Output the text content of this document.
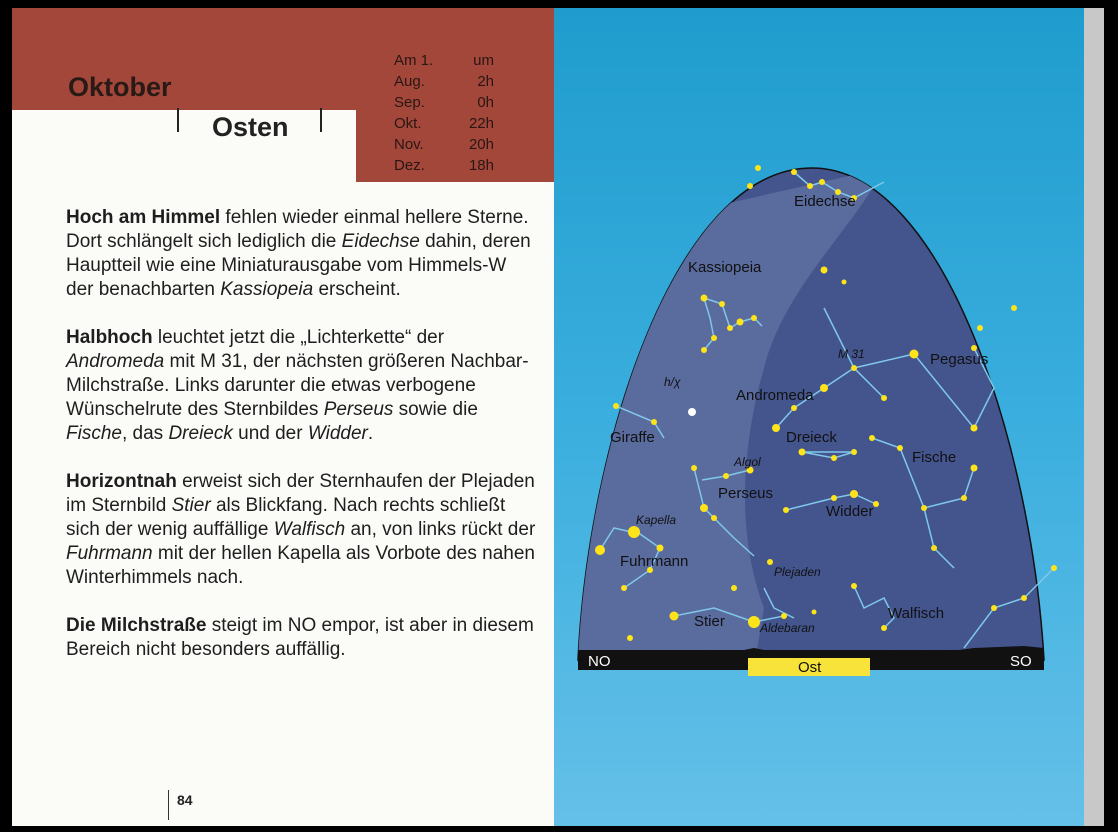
Oktober
Osten
Am 1.	um
Aug.	2h
Sep.	0h
Okt.	22h
Nov.	20h
Dez.	18h

Hoch am Himmel fehlen wieder einmal hellere Sterne. Dort schlängelt sich lediglich die Eidechse dahin, deren Hauptteil wie eine Miniaturausgabe vom Himmels-W der benachbarten Kassiopeia erscheint.

Halbhoch leuchtet jetzt die „Lichterkette“ der Andromeda mit M 31, der nächsten größeren Nachbar-Milchstraße. Links darunter die etwas verbogene Wünschelrute des Sternbildes Perseus sowie die Fische, das Dreieck und der Widder.

Horizontnah erweist sich der Sternhaufen der Plejaden im Sternbild Stier als Blickfang. Nach rechts schließt sich der wenig auffällige Walfisch an, von links rückt der Fuhrmann mit der hellen Kapella als Vorbote des nahen Winterhimmels nach.

Die Milchstraße steigt im NO empor, ist aber in diesem Bereich nicht besonders auffällig.

84
Eidechse
Kassiopeia
Pegasus
Andromeda
Giraffe	Dreieck
Fische
Perseus
Widder
Fuhrmann
Walfisch
Stier
M 31
h/χ
Algol
Kapella
Plejaden
Aldebaran
NO	Ost	SO
